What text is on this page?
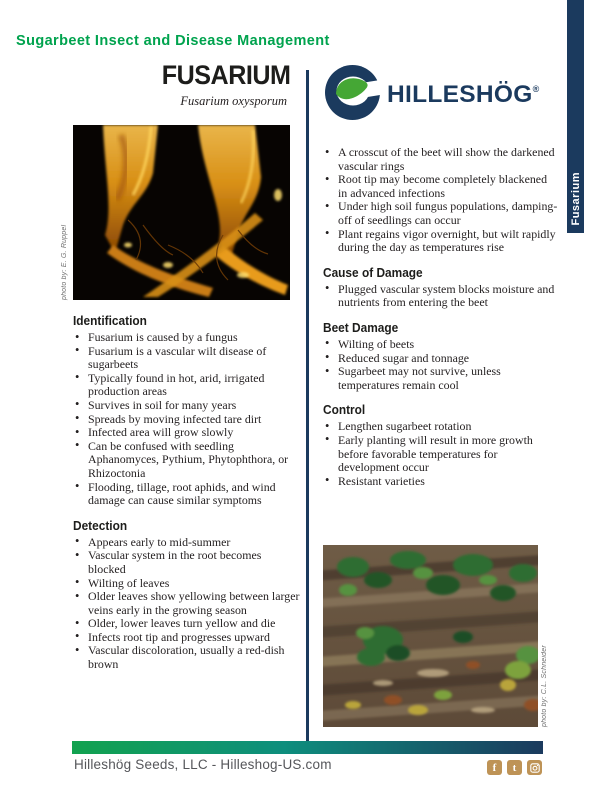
Sugarbeet Insect and Disease Management
Fusarium
FUSARIUM
Fusarium oxysporum	HILLESHÖG®
photo by: E. G. Ruppel
Identification
• Fusarium is caused by a fungus
• Fusarium is a vascular wilt disease of sugarbeets
• Typically found in hot, arid, irrigated production areas
• Survives in soil for many years
• Spreads by moving infected tare dirt
• Infected area will grow slowly
• Can be confused with seedling Aphanomyces, Pythium, Phytophthora, or Rhizoctonia
• Flooding, tillage, root aphids, and wind damage can cause similar symptoms
Detection
• Appears early to mid-summer
• Vascular system in the root becomes blocked
• Wilting of leaves
• Older leaves show yellowing between larger veins early in the growing season
• Older, lower leaves turn yellow and die
• Infects root tip and progresses upward
• Vascular discoloration, usually a red-dish brown
• A crosscut of the beet will show the darkened vascular rings
• Root tip may become completely blackened in advanced infections
• Under high soil fungus populations, damping-off of seedlings can occur
• Plant regains vigor overnight, but wilt rapidly during the day as temperatures rise
Cause of Damage
• Plugged vascular system blocks moisture and nutrients from entering the beet
Beet Damage
• Wilting of beets
• Reduced sugar and tonnage
• Sugarbeet may not survive, unless temperatures remain cool
Control
• Lengthen sugarbeet rotation
• Early planting will result in more growth before favorable temperatures for development occur
• Resistant varieties
photo by: C.L. Schneider
Hilleshög Seeds, LLC - Hilleshog-US.com	f	t
